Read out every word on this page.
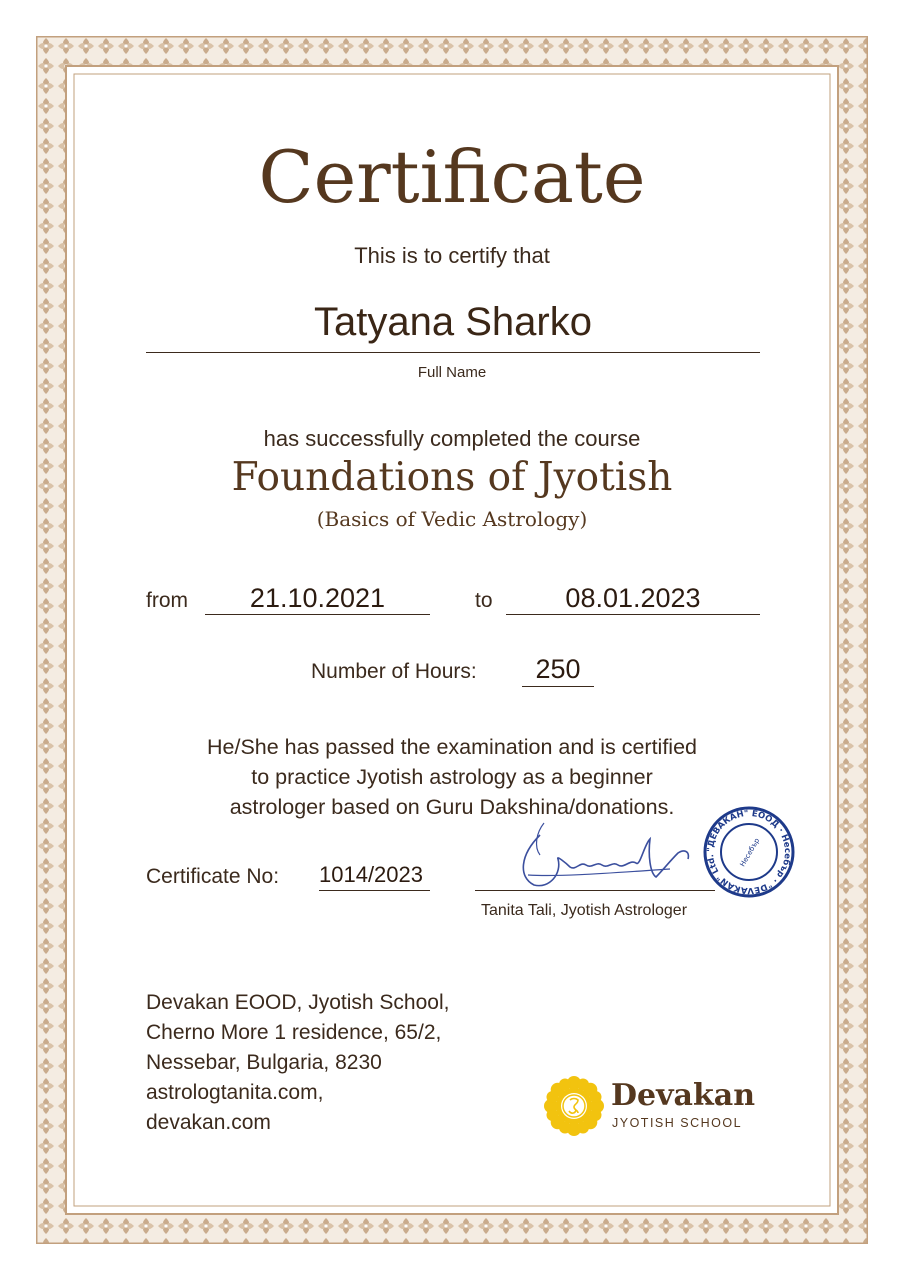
Certificate
This is to certify that
Tatyana Sharko
Full Name
has successfully completed the course
Foundations of Jyotish
(Basics of Vedic Astrology)
from	21.10.2021	to	08.01.2023
Number of Hours:	250
He/She has passed the examination and is certified
to practice Jyotish astrology as a beginner
astrologer based on Guru Dakshina/donations.
Certificate No: 1014/2023
Tanita Tali, Jyotish Astrologer
"ДЕВАКАН" ЕООД · Несебър · "DEVAKAN" Ltd.	Несебър
Devakan EOOD, Jyotish School,
Cherno More 1 residence, 65/2,
Nessebar, Bulgaria, 8230
astrologtanita.com,
devakan.com
Devakan
JYOTISH SCHOOL
